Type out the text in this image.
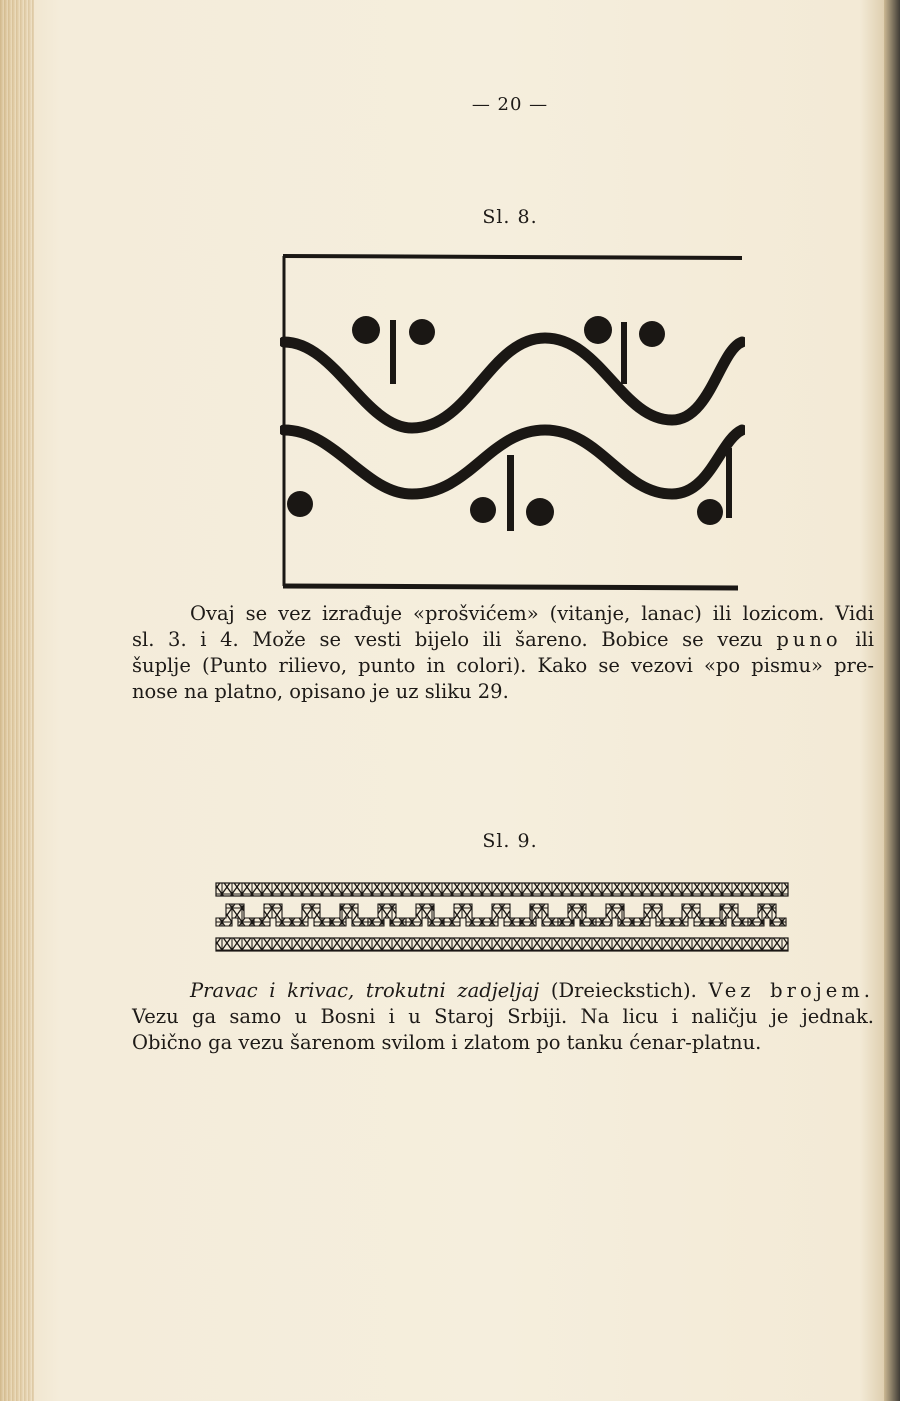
— 20 —
Sl. 8.
Ovaj se vez izrađuje «prošvićem» (vitanje, lanac) ili lozicom. Vidi
sl. 3. i 4. Može se vesti bijelo ili šareno. Bobice se vezu puno ili
šuplje (Punto rilievo, punto in colori). Kako se vezovi «po pismu» pre-
nose na platno, opisano je uz sliku 29.
Sl. 9.
Pravac i krivac, trokutni zadjeljaj (Dreieckstich). Vez brojem.
Vezu ga samo u Bosni i u Staroj Srbiji. Na licu i naličju je jednak.
Obično ga vezu šarenom svilom i zlatom po tanku ćenar-platnu.
